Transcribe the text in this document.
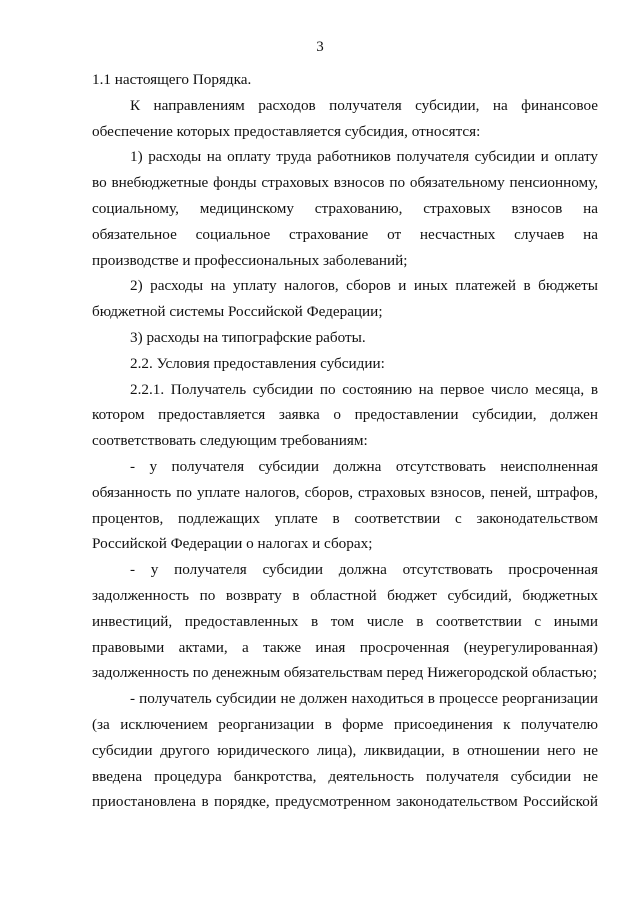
3

1.1 настоящего Порядка.

К направлениям расходов получателя субсидии, на финансовое обеспечение которых предоставляется субсидия, относятся:

1) расходы на оплату труда работников получателя субсидии и оплату во внебюджетные фонды страховых взносов по обязательному пенсионному, социальному, медицинскому страхованию, страховых взносов на обязательное социальное страхование от несчастных случаев на производстве и профессиональных заболеваний;

2) расходы на уплату налогов, сборов и иных платежей в бюджеты бюджетной системы Российской Федерации;

3) расходы на типографские работы.

2.2. Условия предоставления субсидии:

2.2.1. Получатель субсидии по состоянию на первое число месяца, в котором предоставляется заявка о предоставлении субсидии, должен соответствовать следующим требованиям:

- у получателя субсидии должна отсутствовать неисполненная обязанность по уплате налогов, сборов, страховых взносов, пеней, штрафов, процентов, подлежащих уплате в соответствии с законодательством Российской Федерации о налогах и сборах;

- у получателя субсидии должна отсутствовать просроченная задолженность по возврату в областной бюджет субсидий, бюджетных инвестиций, предоставленных в том числе в соответствии с иными правовыми актами, а также иная просроченная (неурегулированная) задолженность по денежным обязательствам перед Нижегородской областью;

- получатель субсидии не должен находиться в процессе реорганизации (за исключением реорганизации в форме присоединения к получателю субсидии другого юридического лица), ликвидации, в отношении него не введена процедура банкротства, деятельность получателя субсидии не приостановлена в порядке, предусмотренном законодательством Российской
